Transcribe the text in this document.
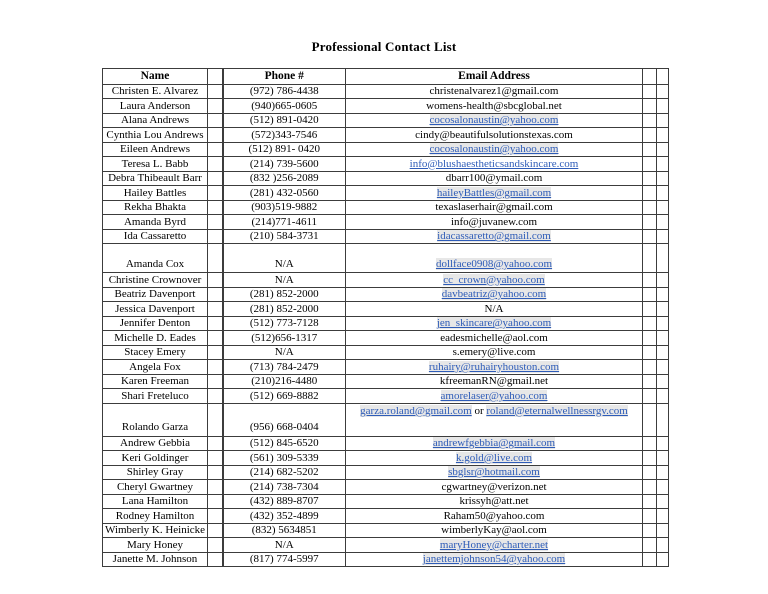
Professional Contact List
Name		Phone #	Email Address		
Christen E. Alvarez		(972) 786-4438	christenalvarez1@gmail.com		
Laura Anderson		(940)665-0605	womens-health@sbcglobal.net		
Alana Andrews		(512) 891-0420	cocosalonaustin@yahoo.com		
Cynthia Lou Andrews		(572)343-7546	cindy@beautifulsolutionstexas.com		
Eileen Andrews		(512) 891- 0420	cocosalonaustin@yahoo.com		
Teresa L. Babb		(214) 739-5600	info@blushaestheticsandskincare.com		
Debra Thibeault Barr		(832 )256-2089	dbarr100@ymail.com		
Hailey Battles		(281) 432-0560	haileyBattles@gmail.com		
Rekha Bhakta		(903)519-9882	texaslaserhair@gmail.com		
Amanda Byrd		(214)771-4611	info@juvanew.com		
Ida Cassaretto		(210) 584-3731	idacassaretto@gmail.com		
Amanda Cox		N/A	dollface0908@yahoo.com		
Christine Crownover		N/A	cc_crown@yahoo.com		
Beatriz Davenport		(281) 852-2000	davbeatriz@yahoo.com		
Jessica Davenport		(281) 852-2000	N/A		
Jennifer Denton		(512) 773-7128	jen_skincare@yahoo.com		
Michelle D. Eades		(512)656-1317	eadesmichelle@aol.com		
Stacey Emery		N/A	s.emery@live.com		
Angela Fox		(713) 784-2479	ruhairy@ruhairyhouston.com		
Karen Freeman		(210)216-4480	kfreemanRN@gmail.net		
Shari Freteluco		(512) 669-8882	amorelaser@yahoo.com		
Rolando Garza		(956) 668-0404	garza.roland@gmail.com or roland@eternalwellnessrgv.com		
Andrew Gebbia		(512) 845-6520	andrewfgebbia@gmail.com		
Keri Goldinger		(561) 309-5339	k.gold@live.com		
Shirley Gray		(214) 682-5202	sbglsr@hotmail.com		
Cheryl Gwartney		(214) 738-7304	cgwartney@verizon.net		
Lana Hamilton		(432) 889-8707	krissyh@att.net		
Rodney Hamilton		(432) 352-4899	Raham50@yahoo.com		
Wimberly K. Heinicke		(832) 5634851	wimberlyKay@aol.com		
Mary Honey		N/A	maryHoney@charter.net		
Janette M. Johnson		(817) 774-5997	janettemjohnson54@yahoo.com		
